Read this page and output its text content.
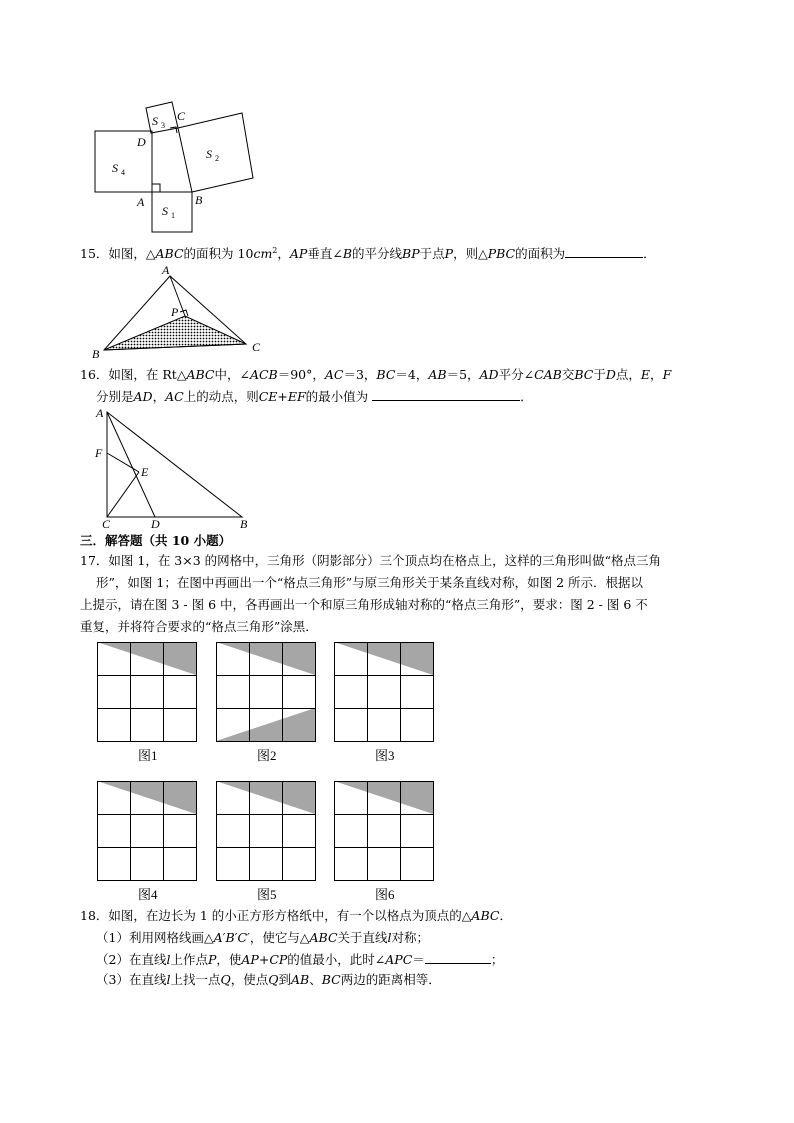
S 3
C
D
S 4
S 2
A	B
S 1
15．如图，△ABC的面积为 $10cm^2$，AP垂直∠B的平分线BP于点P，则△PBC的面积为	．
A
P
B	C
16．如图，在 Rt△ABC中，∠ACB＝90°，AC＝3，BC＝4，AB＝5，AD平分∠CAB交BC于D点，E，F
分别是AD，AC上的动点，则CE+EF的最小值为	．
A
F
E
C	D	B
三．解答题（共 10 小题）
17．如图 1，在 3×3 的网格中，三角形（阴影部分）三个顶点均在格点上，这样的三角形叫做“格点三角
形”，如图 1；在图中再画出一个“格点三角形”与原三角形关于某条直线对称，如图 2 所示．根据以
上提示，请在图 3 - 图 6 中，各再画出一个和原三角形成轴对称的“格点三角形”，要求：图 2 - 图 6 不
重复，并将符合要求的“格点三角形”涂黑．
图1	图2	图3
图4	图5	图6
18．如图，在边长为 1 的小正方形方格纸中，有一个以格点为顶点的△ABC．
（1）利用网格线画△A′B′C′，使它与△ABC关于直线l对称；
（2）在直线l上作点P，使AP+CP的值最小，此时∠APC＝	；
（3）在直线l上找一点Q，使点Q到AB、BC两边的距离相等．
